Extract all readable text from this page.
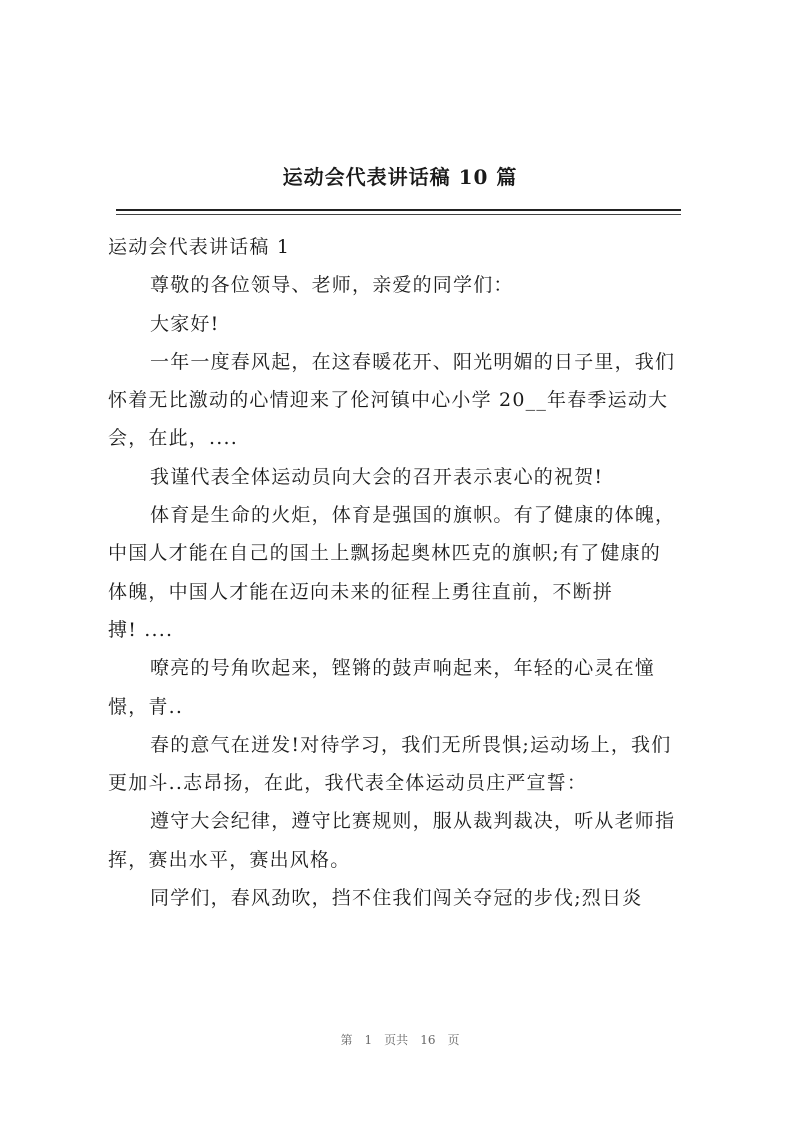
运动会代表讲话稿 10 篇
运动会代表讲话稿 1
尊敬的各位领导、老师，亲爱的同学们：
大家好!
一年一度春风起，在这春暖花开、阳光明媚的日子里，我们
怀着无比激动的心情迎来了伦河镇中心小学 20__年春季运动大
会，在此，....
我谨代表全体运动员向大会的召开表示衷心的祝贺!
体育是生命的火炬，体育是强国的旗帜。有了健康的体魄，
中国人才能在自己的国土上飘扬起奥林匹克的旗帜;有了健康的
体魄，中国人才能在迈向未来的征程上勇往直前，不断拼
搏! ....
嘹亮的号角吹起来，铿锵的鼓声响起来，年轻的心灵在憧
憬，青..
春的意气在迸发!对待学习，我们无所畏惧;运动场上，我们
更加斗..志昂扬，在此，我代表全体运动员庄严宣誓：
遵守大会纪律，遵守比赛规则，服从裁判裁决，听从老师指
挥，赛出水平，赛出风格。
同学们，春风劲吹，挡不住我们闯关夺冠的步伐;烈日炎
第 1 页共 16 页
